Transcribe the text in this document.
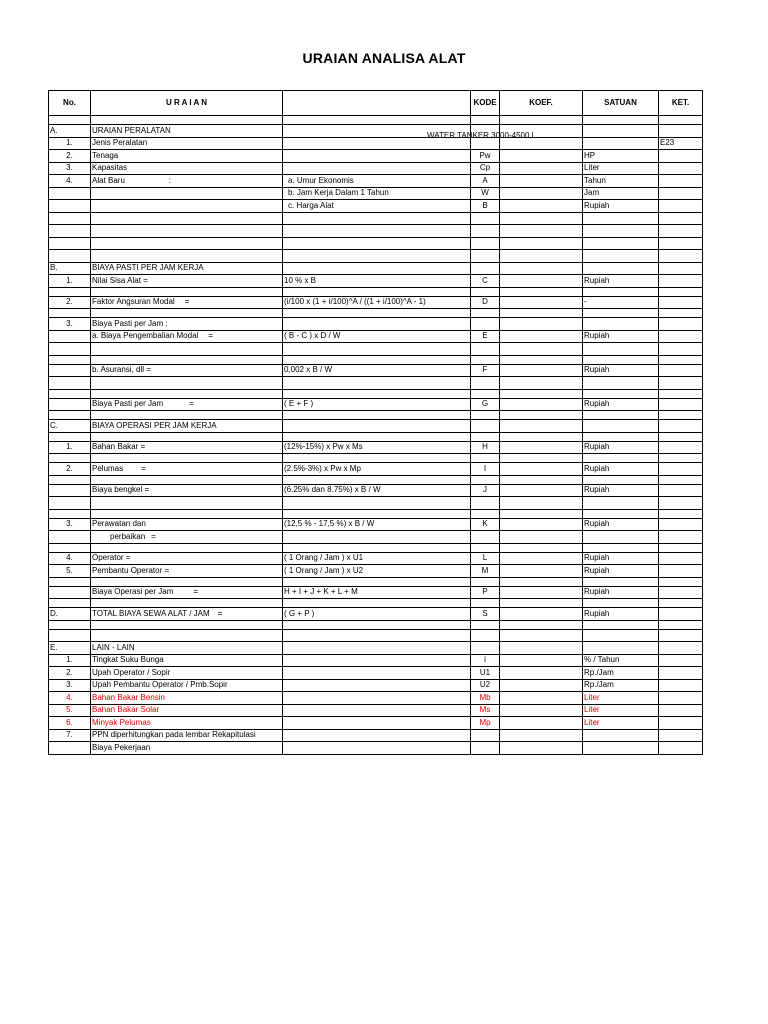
URAIAN ANALISA ALAT
WATER TANKER 3000-4500 L.
No.	U R A I A N		KODE	KOEF.	SATUAN	KET.

A.	URAIAN PERALATAN					
1.	Jenis Peralatan					E23
2.	Tenaga		Pw		HP	
3.	Kapasitas		Cp		Liter	
4.	Alat Baru :	a. Umur Ekonomis	A		Tahun	
		b. Jam Kerja Dalam 1 Tahun	W		Jam	
		c. Harga Alat	B		Rupiah	

B.	BIAYA PASTI PER JAM KERJA					
1.	Nilai Sisa Alat =	10 % x B	C		Rupiah	

2.	Faktor Angsuran Modal =	(i/100 x (1 + i/100)^A / ((1 + i/100)^A - 1)	D		-	

3.	Biaya Pasti per Jam :					
	a. Biaya Pengembalian Modal =	( B - C ) x D / W	E		Rupiah	

	b. Asuransi, dll =	0,002 x B / W	F		Rupiah	

	Biaya Pasti per Jam =	( E + F )	G		Rupiah	

C.	BIAYA OPERASI PER JAM KERJA					

1.	Bahan Bakar =	(12%-15%) x Pw x Ms	H		Rupiah	

2.	Pelumas =	(2.5%-3%) x Pw x Mp	I		Rupiah	

	Biaya bengkel =	(6.25% dan 8.75%) x B / W	J		Rupiah	

3.	Perawatan dan	(12,5 % - 17,5 %) x B / W	K		Rupiah	
	perbaikan =					

4.	Operator =	( 1 Orang / Jam ) x U1	L		Rupiah	
5.	Pembantu Operator =	( 1 Orang / Jam ) x U2	M		Rupiah	

	Biaya Operasi per Jam =	H + I + J + K + L + M	P		Rupiah	

D.	TOTAL BIAYA SEWA ALAT / JAM =	( G + P )	S		Rupiah	

E.	LAIN - LAIN					
1.	Tingkat Suku Bunga		i		% / Tahun	
2.	Upah Operator / Sopir		U1		Rp./Jam	
3.	Upah Pembantu Operator / Pmb.Sopir		U2		Rp./Jam	
4.	Bahan Bakar Bensin		Mb		Liter	
5.	Bahan Bakar Solar		Ms		Liter	
6.	Minyak Pelumas		Mp		Liter	
7.	PPN diperhitungkan pada lembar Rekapitulasi					
	Biaya Pekerjaan					
